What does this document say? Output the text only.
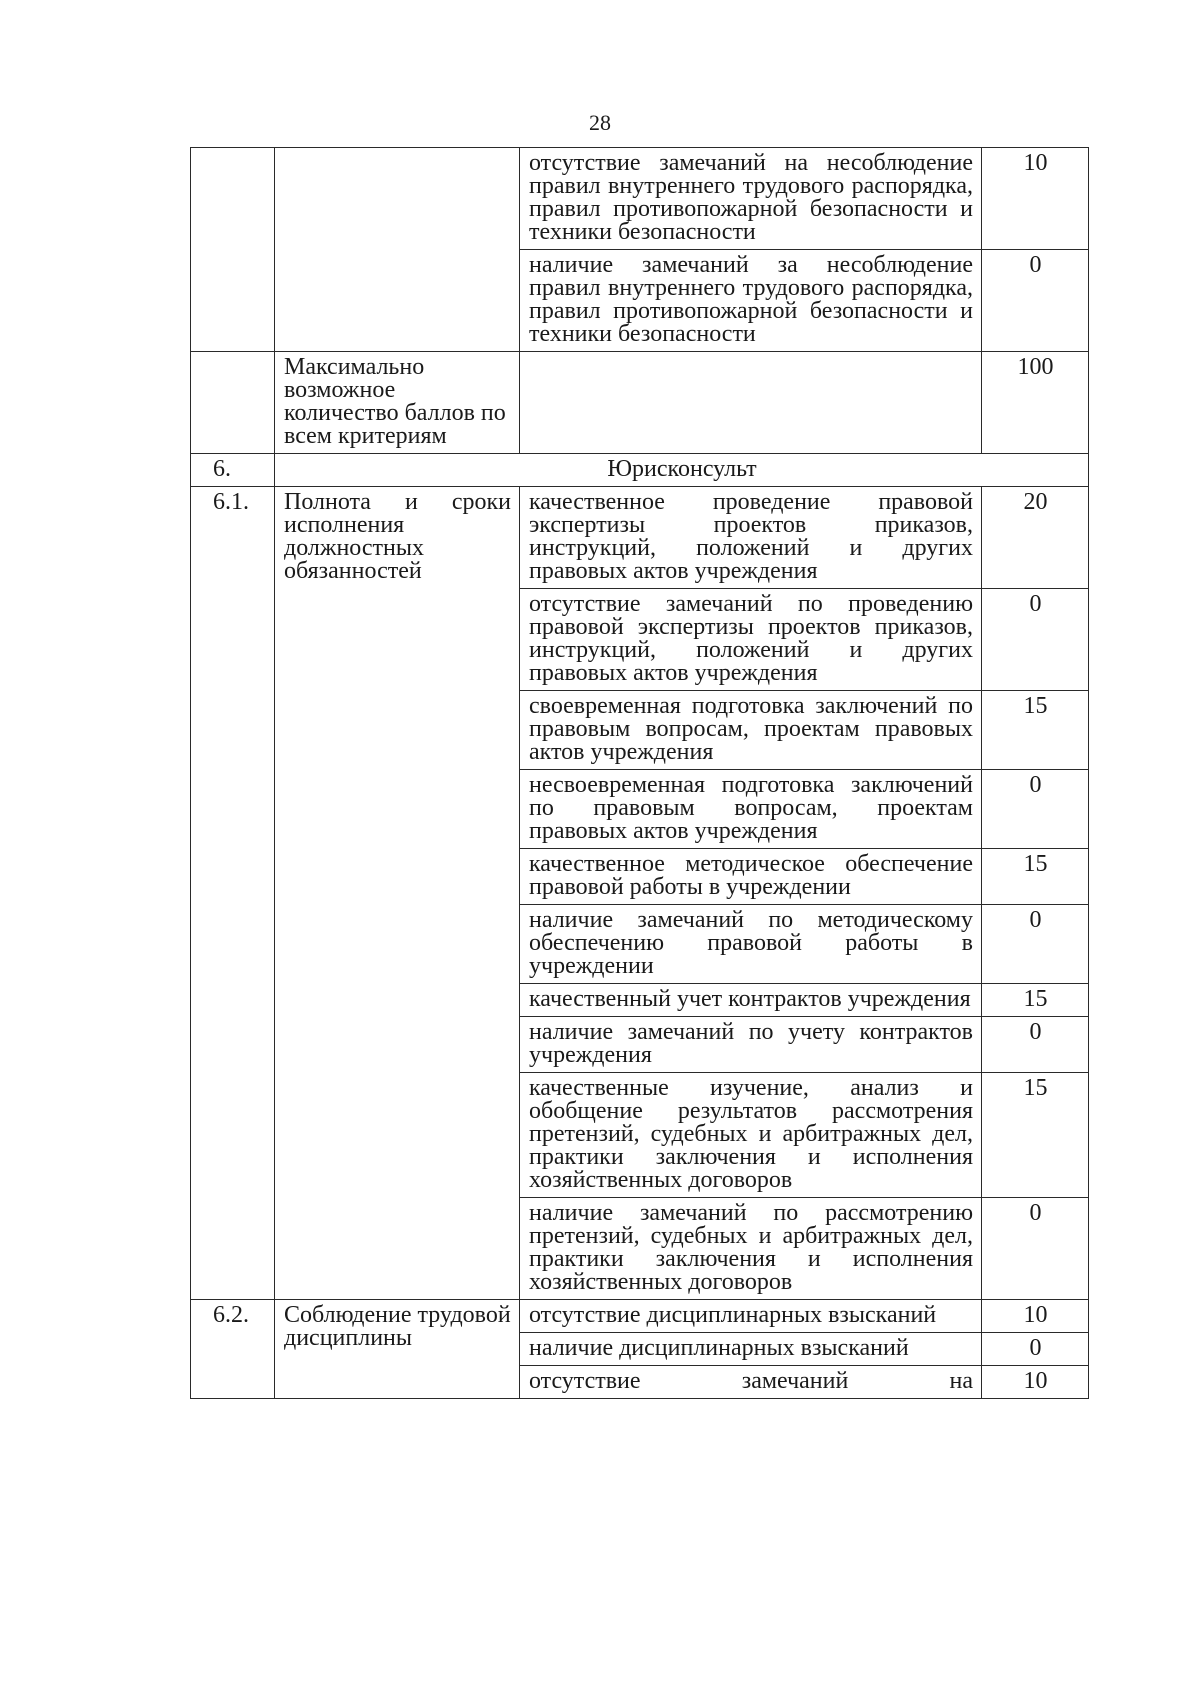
28
		отсутствие замечаний на несоблюдение правил внутреннего трудового распорядка, правил противопожарной безопасности и техники безопасности	10
		наличие замечаний за несоблюдение правил внутреннего трудового распорядка, правил противопожарной безопасности и техники безопасности	0
	Максимально возможное количество баллов по всем критериям		100
6.	Юрисконсульт		
6.1.	Полнота и сроки исполнения должностных обязанностей	качественное проведение правовой экспертизы проектов приказов, инструкций, положений и других правовых актов учреждения	20
		отсутствие замечаний по проведению правовой экспертизы проектов приказов, инструкций, положений и других правовых актов учреждения	0
		своевременная подготовка заключений по правовым вопросам, проектам правовых актов учреждения	15
		несвоевременная подготовка заключений по правовым вопросам, проектам правовых актов учреждения	0
		качественное методическое обеспечение правовой работы в учреждении	15
		наличие замечаний по методическому обеспечению правовой работы в учреждении	0
		качественный учет контрактов учреждения	15
		наличие замечаний по учету контрактов учреждения	0
		качественные изучение, анализ и обобщение результатов рассмотрения претензий, судебных и арбитражных дел, практики заключения и исполнения хозяйственных договоров	15
		наличие замечаний по рассмотрению претензий, судебных и арбитражных дел, практики заключения и исполнения хозяйственных договоров	0
6.2.	Соблюдение трудовой дисциплины	отсутствие дисциплинарных взысканий	10
		наличие дисциплинарных взысканий	0
		отсутствие замечаний на	10
